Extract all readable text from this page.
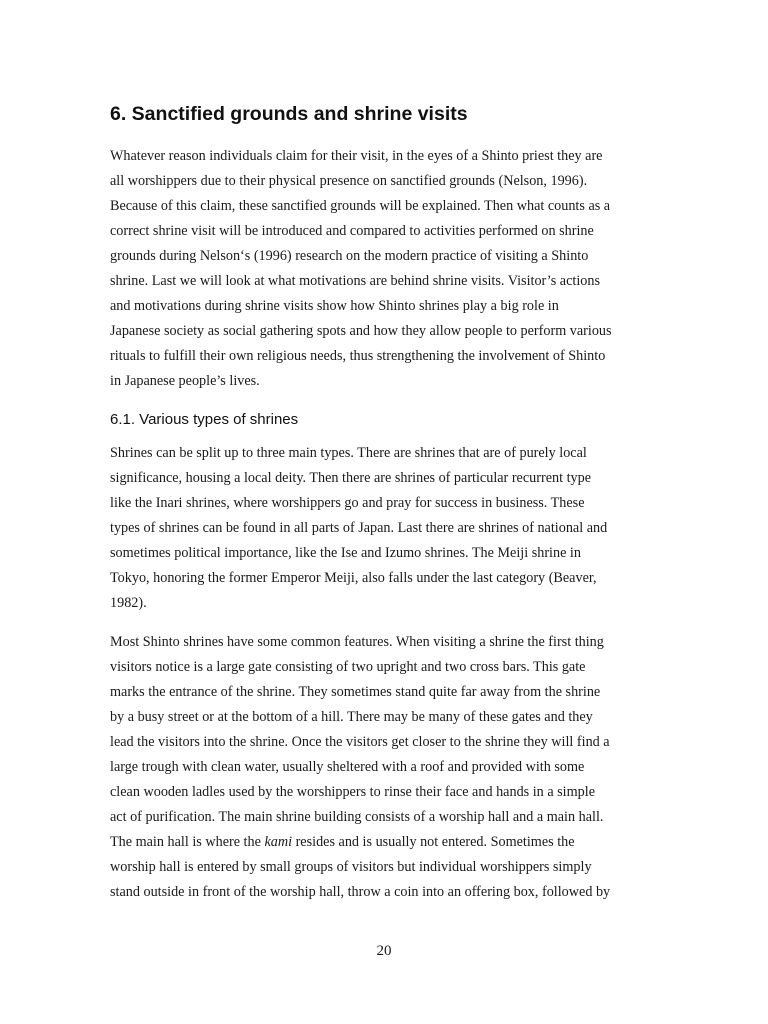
6. Sanctified grounds and shrine visits

Whatever reason individuals claim for their visit, in the eyes of a Shinto priest they are
all worshippers due to their physical presence on sanctified grounds (Nelson, 1996).
Because of this claim, these sanctified grounds will be explained. Then what counts as a
correct shrine visit will be introduced and compared to activities performed on shrine
grounds during Nelson‘s (1996) research on the modern practice of visiting a Shinto
shrine. Last we will look at what motivations are behind shrine visits. Visitor’s actions
and motivations during shrine visits show how Shinto shrines play a big role in
Japanese society as social gathering spots and how they allow people to perform various
rituals to fulfill their own religious needs, thus strengthening the involvement of Shinto
in Japanese people’s lives.

6.1. Various types of shrines

Shrines can be split up to three main types. There are shrines that are of purely local
significance, housing a local deity. Then there are shrines of particular recurrent type
like the Inari shrines, where worshippers go and pray for success in business. These
types of shrines can be found in all parts of Japan. Last there are shrines of national and
sometimes political importance, like the Ise and Izumo shrines. The Meiji shrine in
Tokyo, honoring the former Emperor Meiji, also falls under the last category (Beaver,
1982).

Most Shinto shrines have some common features. When visiting a shrine the first thing
visitors notice is a large gate consisting of two upright and two cross bars. This gate
marks the entrance of the shrine. They sometimes stand quite far away from the shrine
by a busy street or at the bottom of a hill. There may be many of these gates and they
lead the visitors into the shrine. Once the visitors get closer to the shrine they will find a
large trough with clean water, usually sheltered with a roof and provided with some
clean wooden ladles used by the worshippers to rinse their face and hands in a simple
act of purification. The main shrine building consists of a worship hall and a main hall.
The main hall is where the kami resides and is usually not entered. Sometimes the
worship hall is entered by small groups of visitors but individual worshippers simply
stand outside in front of the worship hall, throw a coin into an offering box, followed by

20
